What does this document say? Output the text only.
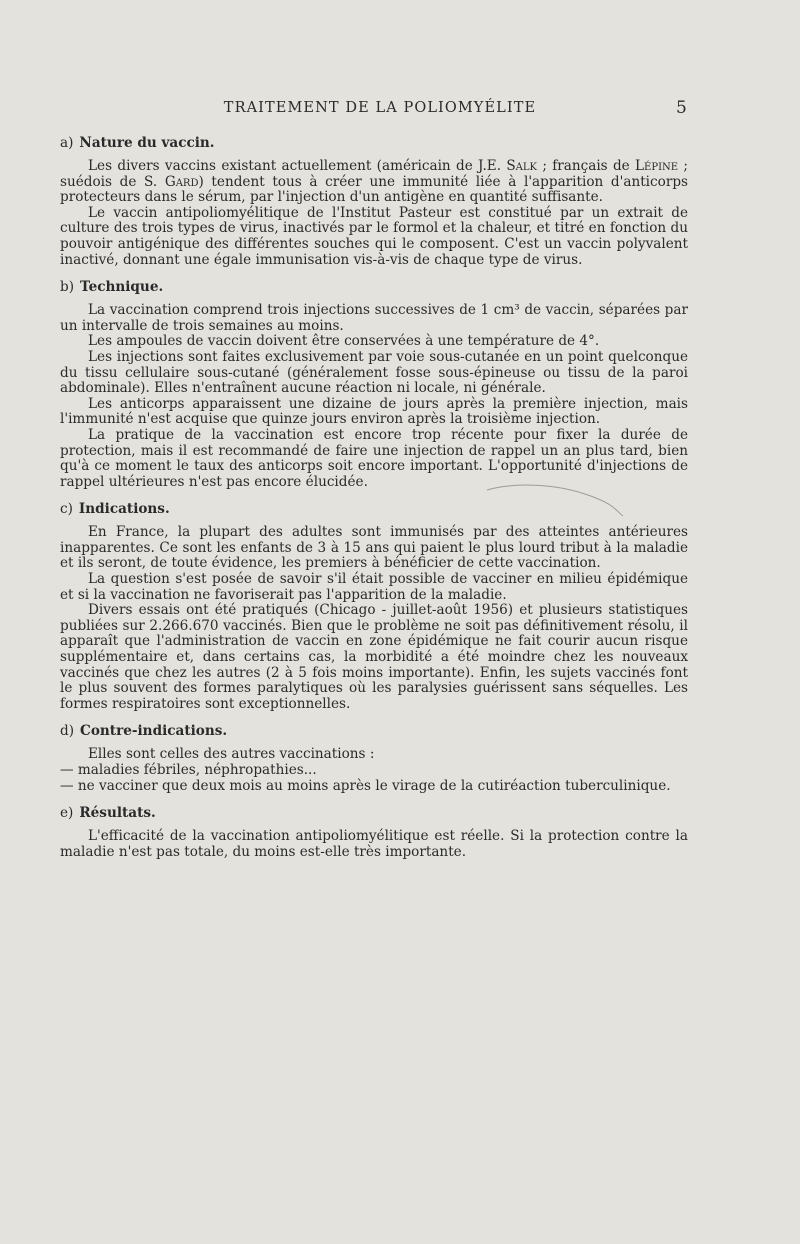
TRAITEMENT DE LA POLIOMYÉLITE	5
a) Nature du vaccin.

Les divers vaccins existant actuellement (américain de J.E. Salk ; français de Lépine ; suédois de S. Gard) tendent tous à créer une immunité liée à l'apparition d'anticorps protecteurs dans le sérum, par l'injection d'un antigène en quantité suffisante.

Le vaccin antipoliomyélitique de l'Institut Pasteur est constitué par un extrait de culture des trois types de virus, inactivés par le formol et la chaleur, et titré en fonction du pouvoir antigénique des différentes souches qui le composent. C'est un vaccin polyvalent inactivé, donnant une égale immunisation vis-à-vis de chaque type de virus.

b) Technique.

La vaccination comprend trois injections successives de 1 cm³ de vaccin, séparées par un intervalle de trois semaines au moins.

Les ampoules de vaccin doivent être conservées à une température de 4°.

Les injections sont faites exclusivement par voie sous-cutanée en un point quelconque du tissu cellulaire sous-cutané (généralement fosse sous-épineuse ou tissu de la paroi abdominale). Elles n'entraînent aucune réaction ni locale, ni générale.

Les anticorps apparaissent une dizaine de jours après la première injection, mais l'immunité n'est acquise que quinze jours environ après la troisième injection.

La pratique de la vaccination est encore trop récente pour fixer la durée de protection, mais il est recommandé de faire une injection de rappel un an plus tard, bien qu'à ce moment le taux des anticorps soit encore important. L'opportunité d'injections de rappel ultérieures n'est pas encore élucidée.

c) Indications.

En France, la plupart des adultes sont immunisés par des atteintes antérieures inapparentes. Ce sont les enfants de 3 à 15 ans qui paient le plus lourd tribut à la maladie et ils seront, de toute évidence, les premiers à bénéficier de cette vaccination.

La question s'est posée de savoir s'il était possible de vacciner en milieu épidémique et si la vaccination ne favoriserait pas l'apparition de la maladie.

Divers essais ont été pratiqués (Chicago - juillet-août 1956) et plusieurs statistiques publiées sur 2.266.670 vaccinés. Bien que le problème ne soit pas définitivement résolu, il apparaît que l'administration de vaccin en zone épidémique ne fait courir aucun risque supplémentaire et, dans certains cas, la morbidité a été moindre chez les nouveaux vaccinés que chez les autres (2 à 5 fois moins importante). Enfin, les sujets vaccinés font le plus souvent des formes paralytiques où les paralysies guérissent sans séquelles. Les formes respiratoires sont exceptionnelles.

d) Contre-indications.

Elles sont celles des autres vaccinations :

— maladies fébriles, néphropathies...

— ne vacciner que deux mois au moins après le virage de la cutiréaction tuberculinique.

e) Résultats.

L'efficacité de la vaccination antipoliomyélitique est réelle. Si la protection contre la maladie n'est pas totale, du moins est-elle très importante.
